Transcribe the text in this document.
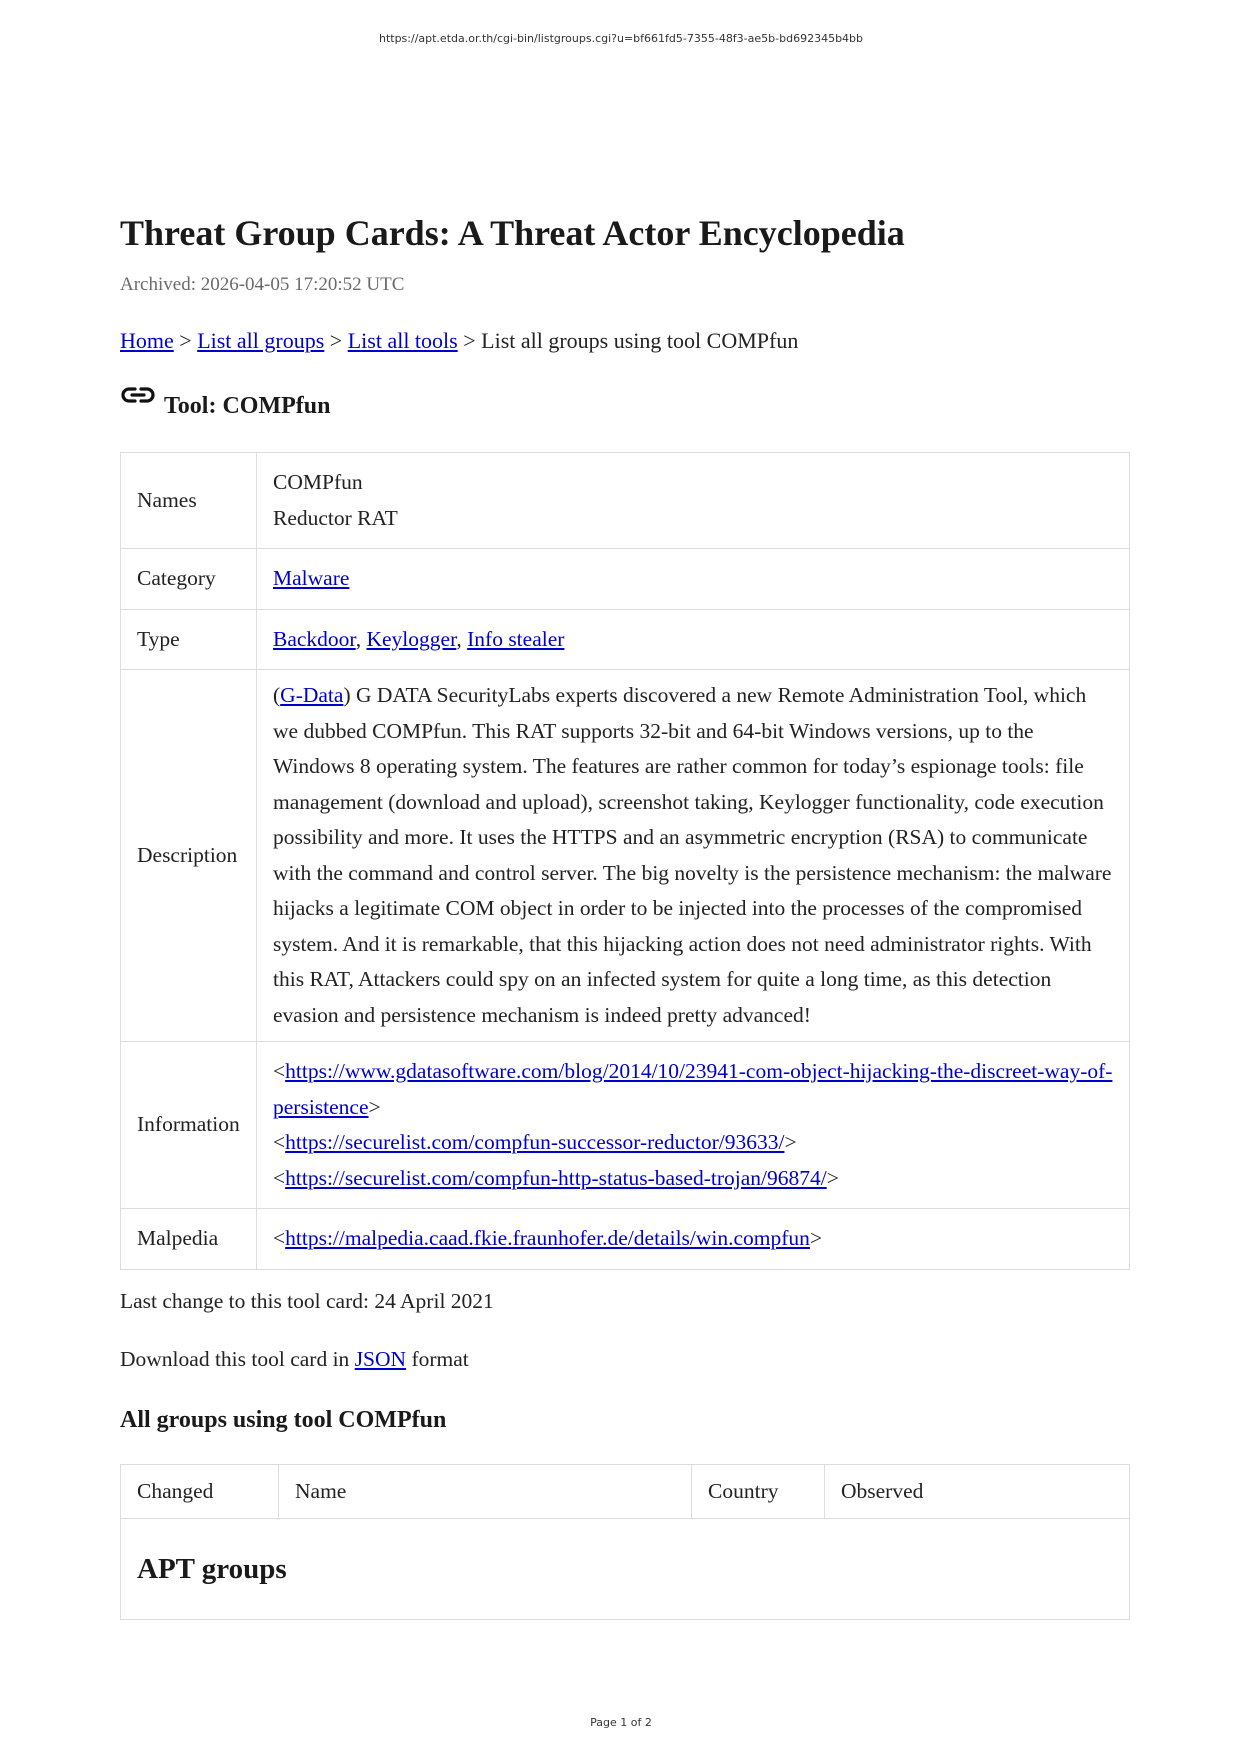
https://apt.etda.or.th/cgi-bin/listgroups.cgi?u=bf661fd5-7355-48f3-ae5b-bd692345b4bb
Threat Group Cards: A Threat Actor Encyclopedia
Archived: 2026-04-05 17:20:52 UTC
Home > List all groups > List all tools > List all groups using tool COMPfun
Tool: COMPfun
Names	COMPfun
Reductor RAT

Category	Malware
Type	Backdoor, Keylogger, Info stealer
Description	(G-Data) G DATA SecurityLabs experts discovered a new Remote Administration Tool, which we dubbed COMPfun. This RAT supports 32-bit and 64-bit Windows versions, up to the Windows 8 operating system. The features are rather common for today’s espionage tools: file management (download and upload), screenshot taking, Keylogger functionality, code execution possibility and more. It uses the HTTPS and an asymmetric encryption (RSA) to communicate with the command and control server. The big novelty is the persistence mechanism: the malware hijacks a legitimate COM object in order to be injected into the processes of the compromised system. And it is remarkable, that this hijacking action does not need administrator rights. With this RAT, Attackers could spy on an infected system for quite a long time, as this detection evasion and persistence mechanism is indeed pretty advanced!
Information	<https://www.gdatasoftware.com/blog/2014/10/23941-com-object-hijacking-the-discreet-way-of-persistence>
<https://securelist.com/compfun-successor-reductor/93633/>
<https://securelist.com/compfun-http-status-based-trojan/96874/>

Malpedia	<https://malpedia.caad.fkie.fraunhofer.de/details/win.compfun>
Last change to this tool card: 24 April 2021
Download this tool card in JSON format
All groups using tool COMPfun
Changed	Name	Country	Observed

APT groups
Page 1 of 2
